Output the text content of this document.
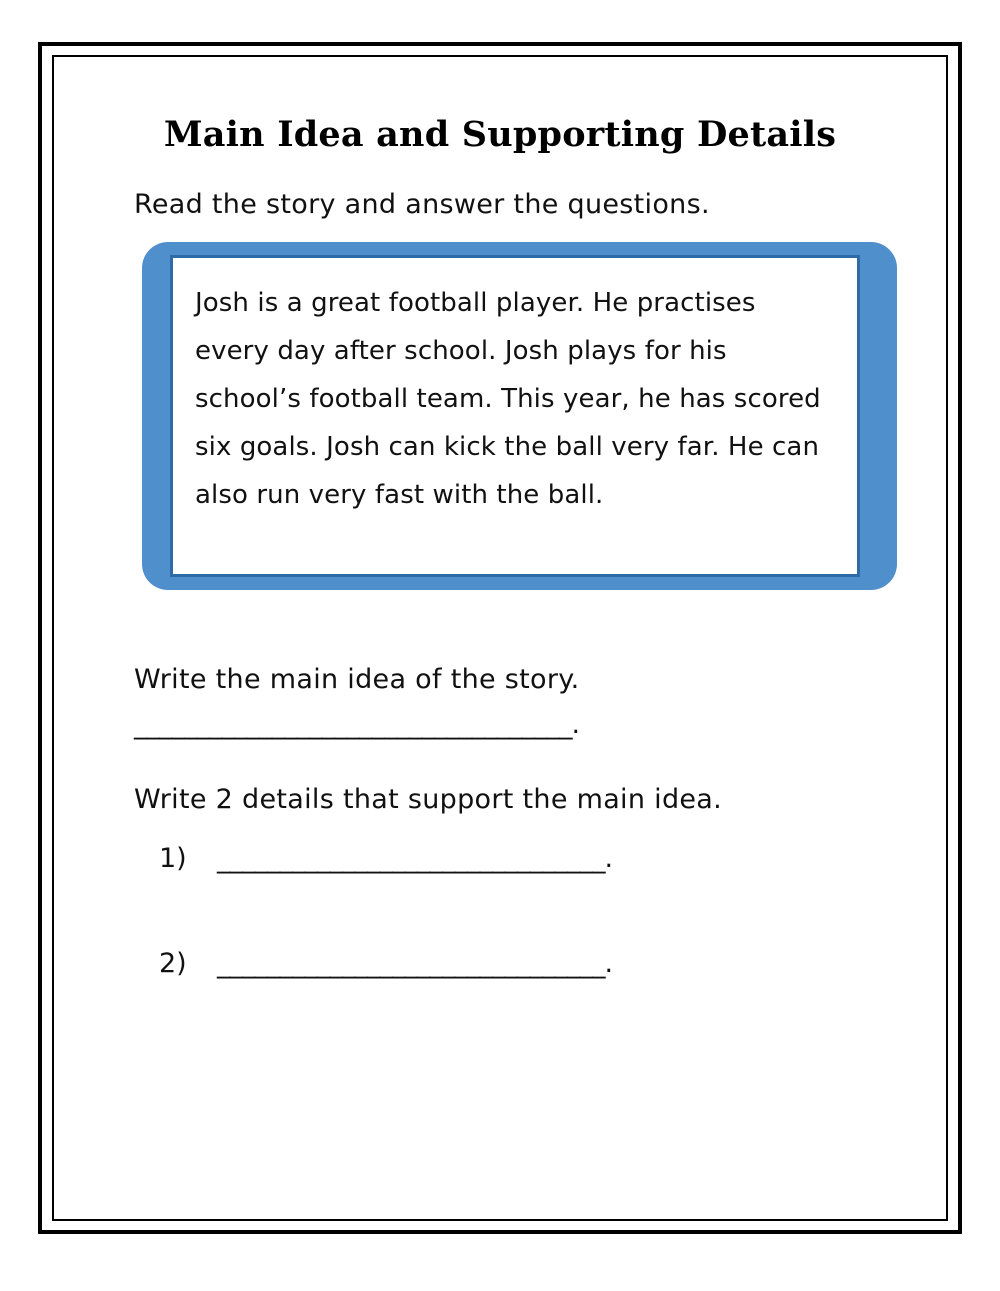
Main Idea and Supporting Details
Read the story and answer the questions.
Josh is a great football player. He practises every day after school. Josh plays for his school’s football team. This year, he has scored six goals. Josh can kick the ball very far. He can also run very fast with the ball.
Write the main idea of the story.
___________________________________.
Write 2 details that support the main idea.
1)	_______________________________.
2)	_______________________________.
